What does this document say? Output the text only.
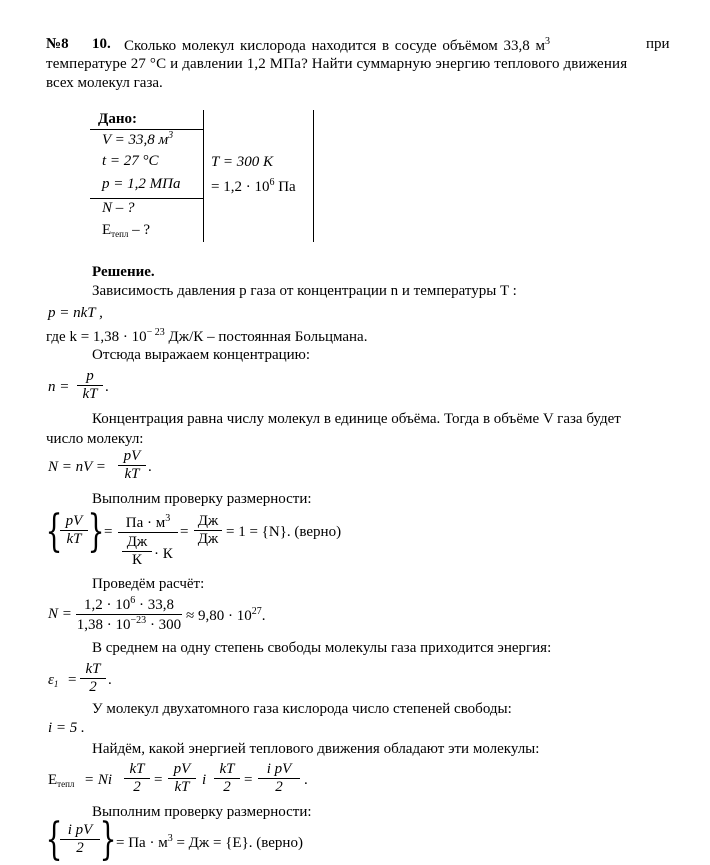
№8 10. Сколько молекул кислорода находится в сосуде объёмом 33,8 $м^3$	при
температуре 27 °С и давлении 1,2 МПа? Найти суммарную энергию теплового движения
всех молекул газа.
Дано:
V = 33,8 $м^3$
t = 27 °C
p = 1,2 МПа
N – ?
$E_{тепл}$ – ?
T = 300 К
= $1,2 \cdot 10^6$ Па
Решение.
Зависимость давления p газа от концентрации n и температуры T :
p = nkT ,
где $k = 1,38 \cdot 10^{- 23}$ Дж/К – постоянная Больцмана.
Отсюда выражаем концентрацию:
$n = \frac{p}{kT}$ .
Концентрация равна числу молекул в единице объёма. Тогда в объёме V газа будет
число молекул:
N = nV = $\frac{pV}{kT}$ .
Выполним проверку размерности:
{
$\frac{pV}{kT}$ } =
Па · $м^3$
Дж
К · К
=
Дж
Дж = 1 = {N}. (верно)
Проведём расчёт:
$N = \frac{1,2 \cdot 10^6 \cdot 33,8}{1,38 \cdot 10^{-23} \cdot 300} \approx 9,80 \cdot 10^{27}$.
В среднем на одну степень свободы молекулы газа приходится энергия:
$\varepsilon_1 = \frac{kT}{2}$ .
У молекул двухатомного газа кислорода число степеней свободы:
i = 5 .
Найдём, какой энергией теплового движения обладают эти молекулы:
$E_{тепл} = Ni \frac{kT}{2} = \frac{pV}{kT}$ i $\frac{kT}{2} = \frac{\text{i pV}}{2}$ .
Выполним проверку размерности:
{
$\frac{\text{i pV}}{2}$ } = Па · $м^3$ = Дж = {E}. (верно)
